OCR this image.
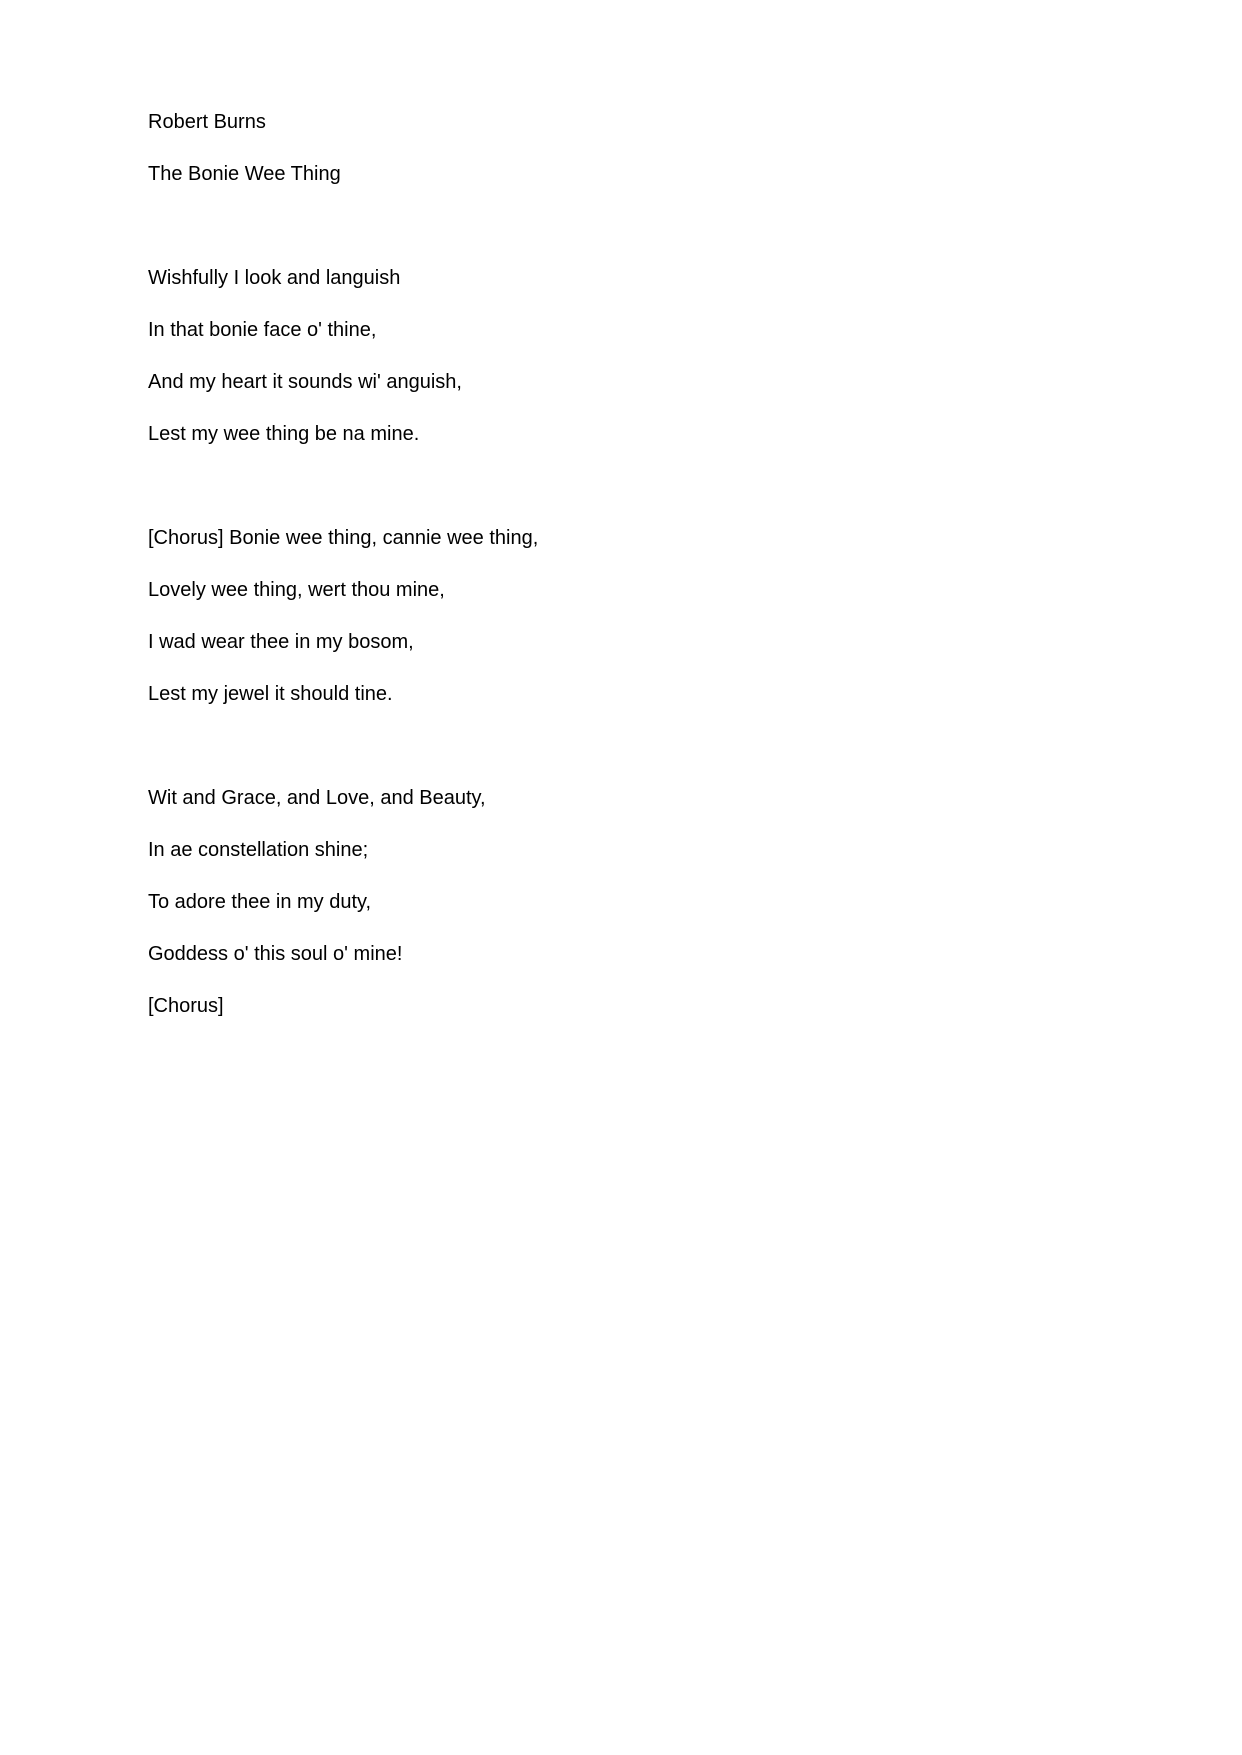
Robert Burns
The Bonie Wee Thing
Wishfully I look and languish
In that bonie face o' thine,
And my heart it sounds wi' anguish,
Lest my wee thing be na mine.
[Chorus] Bonie wee thing, cannie wee thing,
Lovely wee thing, wert thou mine,
I wad wear thee in my bosom,
Lest my jewel it should tine.
Wit and Grace, and Love, and Beauty,
In ae constellation shine;
To adore thee in my duty,
Goddess o' this soul o' mine!
[Chorus]
